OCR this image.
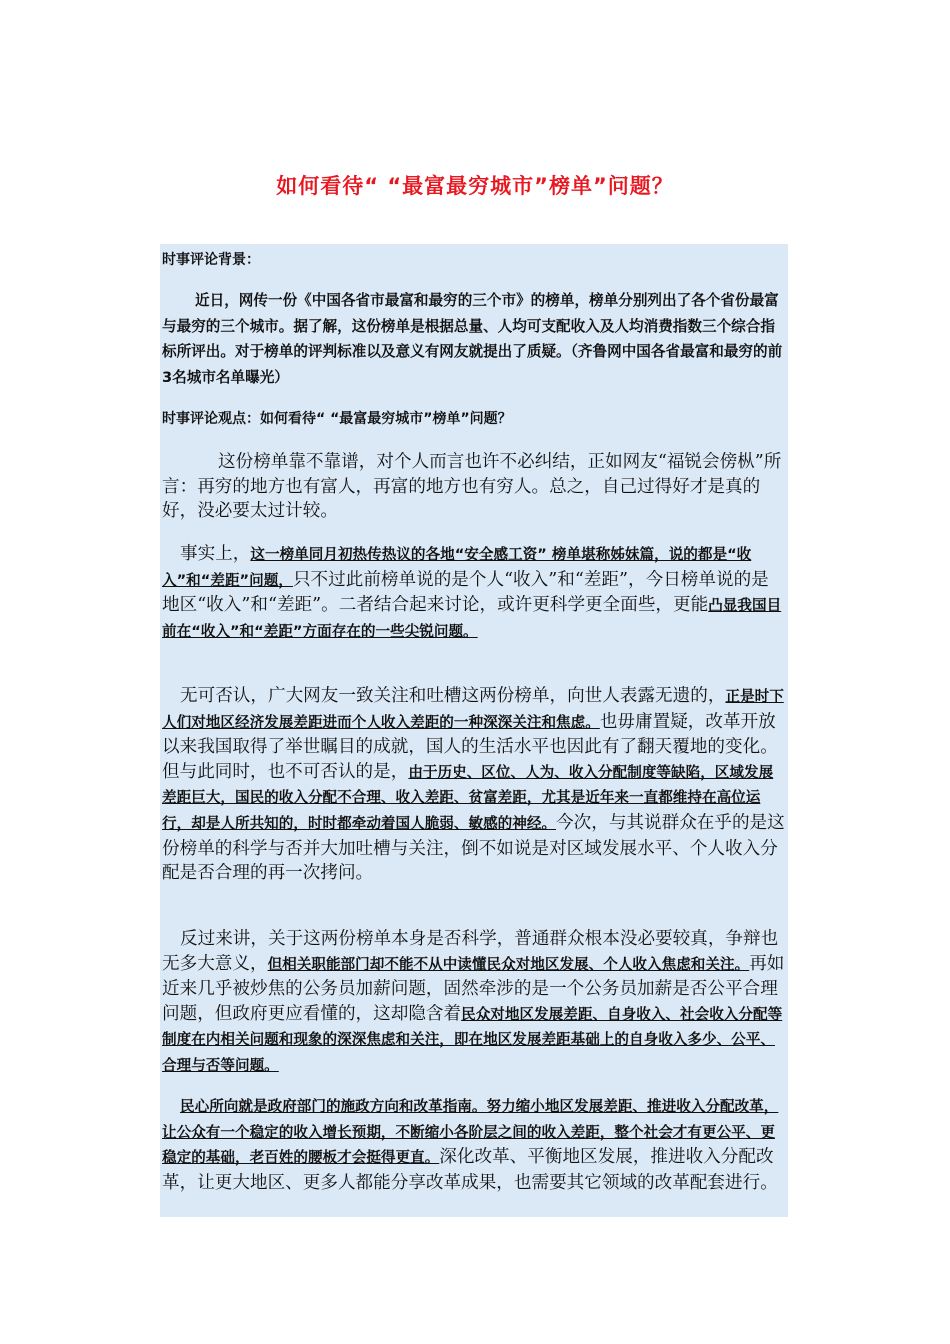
如何看待“ “最富最穷城市”榜单”问题？

时事评论背景：

近日，网传一份《中国各省市最富和最穷的三个市》的榜单，榜单分别列出了各个省份最富与最穷的三个城市。据了解，这份榜单是根据总量、人均可支配收入及人均消费指数三个综合指标所评出。对于榜单的评判标准以及意义有网友就提出了质疑。（齐鲁网中国各省最富和最穷的前3名城市名单曝光）

时事评论观点：如何看待“ “最富最穷城市”榜单”问题？

这份榜单靠不靠谱，对个人而言也许不必纠结，正如网友“福锐会傍枞”所言：再穷的地方也有富人，再富的地方也有穷人。总之，自己过得好才是真的好，没必要太过计较。

事实上，这一榜单同月初热传热议的各地“安全感工资” 榜单堪称姊妹篇，说的都是“收入”和“差距”问题，只不过此前榜单说的是个人“收入”和“差距”，今日榜单说的是地区“收入”和“差距”。二者结合起来讨论，或许更科学更全面些，更能凸显我国目前在“收入”和“差距”方面存在的一些尖锐问题。

无可否认，广大网友一致关注和吐槽这两份榜单，向世人表露无遗的，正是时下人们对地区经济发展差距进而个人收入差距的一种深深关注和焦虑。也毋庸置疑，改革开放以来我国取得了举世瞩目的成就，国人的生活水平也因此有了翻天覆地的变化。但与此同时，也不可否认的是，由于历史、区位、人为、收入分配制度等缺陷，区域发展差距巨大，国民的收入分配不合理、收入差距、贫富差距，尤其是近年来一直都维持在高位运行，却是人所共知的，时时都牵动着国人脆弱、敏感的神经。今次，与其说群众在乎的是这份榜单的科学与否并大加吐槽与关注，倒不如说是对区域发展水平、个人收入分配是否合理的再一次拷问。

反过来讲，关于这两份榜单本身是否科学，普通群众根本没必要较真，争辩也无多大意义，但相关职能部门却不能不从中读懂民众对地区发展、个人收入焦虑和关注。再如近来几乎被炒焦的公务员加薪问题，固然牵涉的是一个公务员加薪是否公平合理问题，但政府更应看懂的，这却隐含着民众对地区发展差距、自身收入、社会收入分配等制度在内相关问题和现象的深深焦虑和关注，即在地区发展差距基础上的自身收入多少、公平、合理与否等问题。

民心所向就是政府部门的施政方向和改革指南。努力缩小地区发展差距、推进收入分配改革，让公众有一个稳定的收入增长预期，不断缩小各阶层之间的收入差距，整个社会才有更公平、更稳定的基础，老百姓的腰板才会挺得更直。深化改革、平衡地区发展，推进收入分配改革，让更大地区、更多人都能分享改革成果，也需要其它领域的改革配套进行。
